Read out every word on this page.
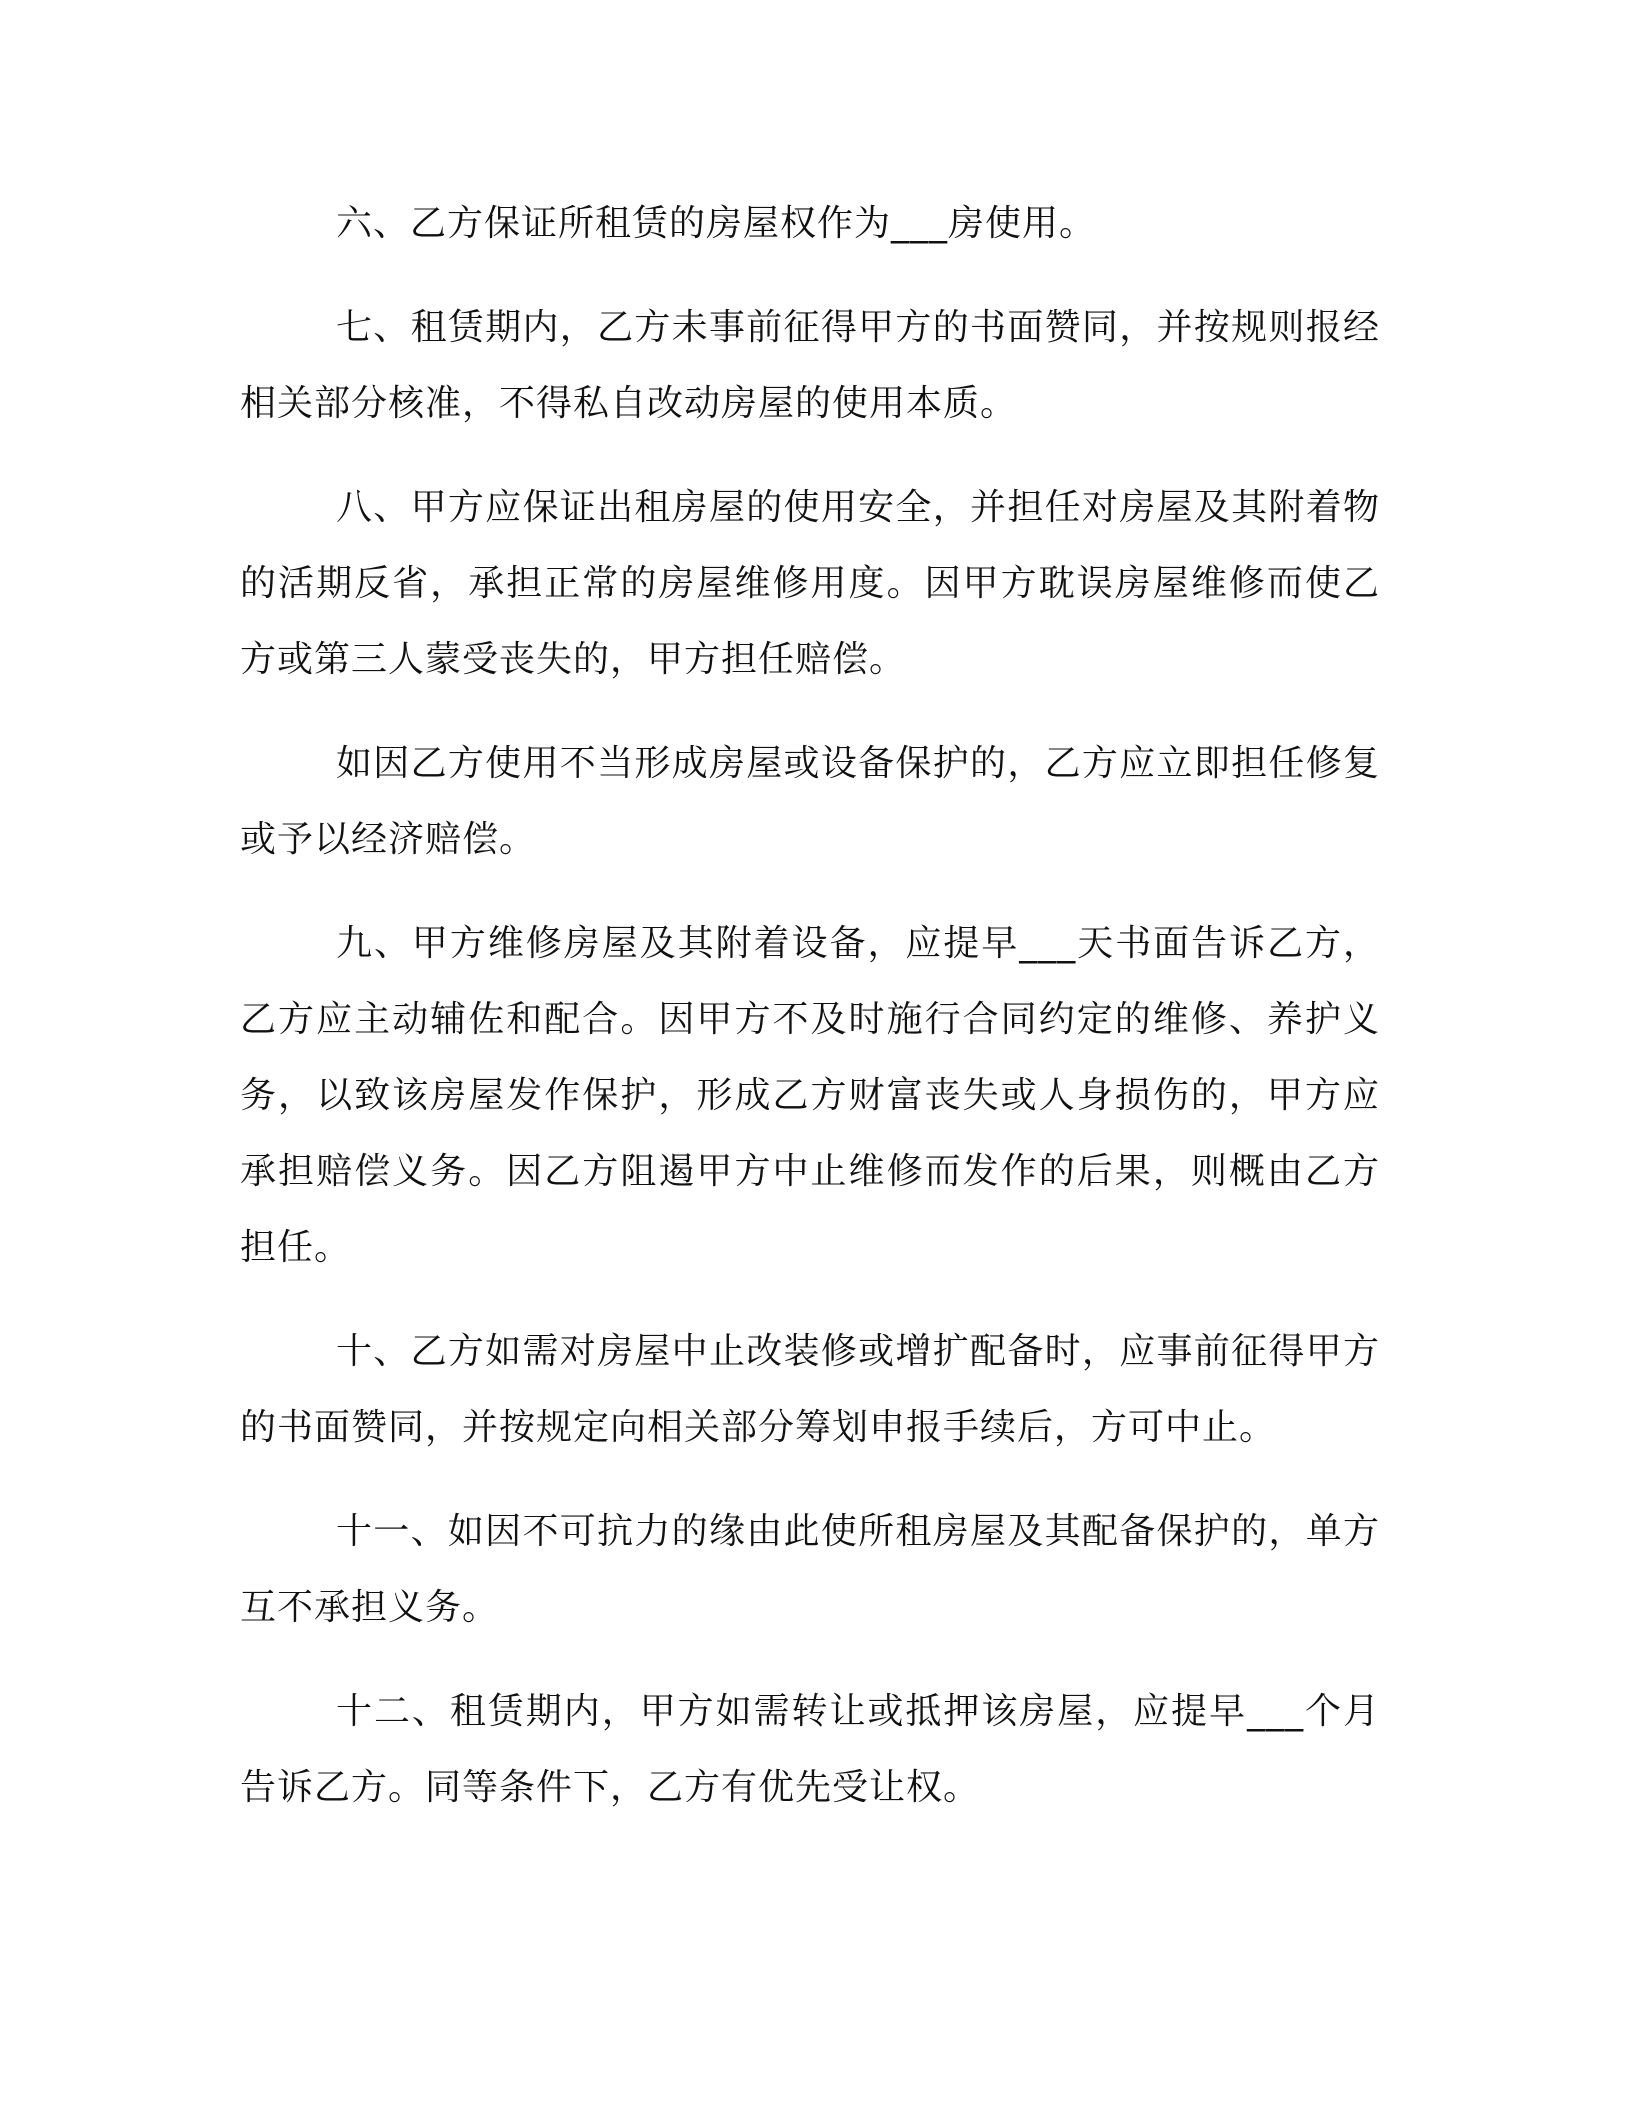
六、乙方保证所租赁的房屋权作为___房使用。

七、租赁期内，乙方未事前征得甲方的书面赞同，并按规则报经相关部分核准，不得私自改动房屋的使用本质。

八、甲方应保证出租房屋的使用安全，并担任对房屋及其附着物的活期反省，承担正常的房屋维修用度。因甲方耽误房屋维修而使乙方或第三人蒙受丧失的，甲方担任赔偿。

如因乙方使用不当形成房屋或设备保护的，乙方应立即担任修复或予以经济赔偿。

九、甲方维修房屋及其附着设备，应提早___天书面告诉乙方，乙方应主动辅佐和配合。因甲方不及时施行合同约定的维修、养护义务，以致该房屋发作保护，形成乙方财富丧失或人身损伤的，甲方应承担赔偿义务。因乙方阻遏甲方中止维修而发作的后果，则概由乙方担任。

十、乙方如需对房屋中止改装修或增扩配备时，应事前征得甲方的书面赞同，并按规定向相关部分筹划申报手续后，方可中止。

十一、如因不可抗力的缘由此使所租房屋及其配备保护的，单方互不承担义务。

十二、租赁期内，甲方如需转让或抵押该房屋，应提早___个月告诉乙方。同等条件下，乙方有优先受让权。
